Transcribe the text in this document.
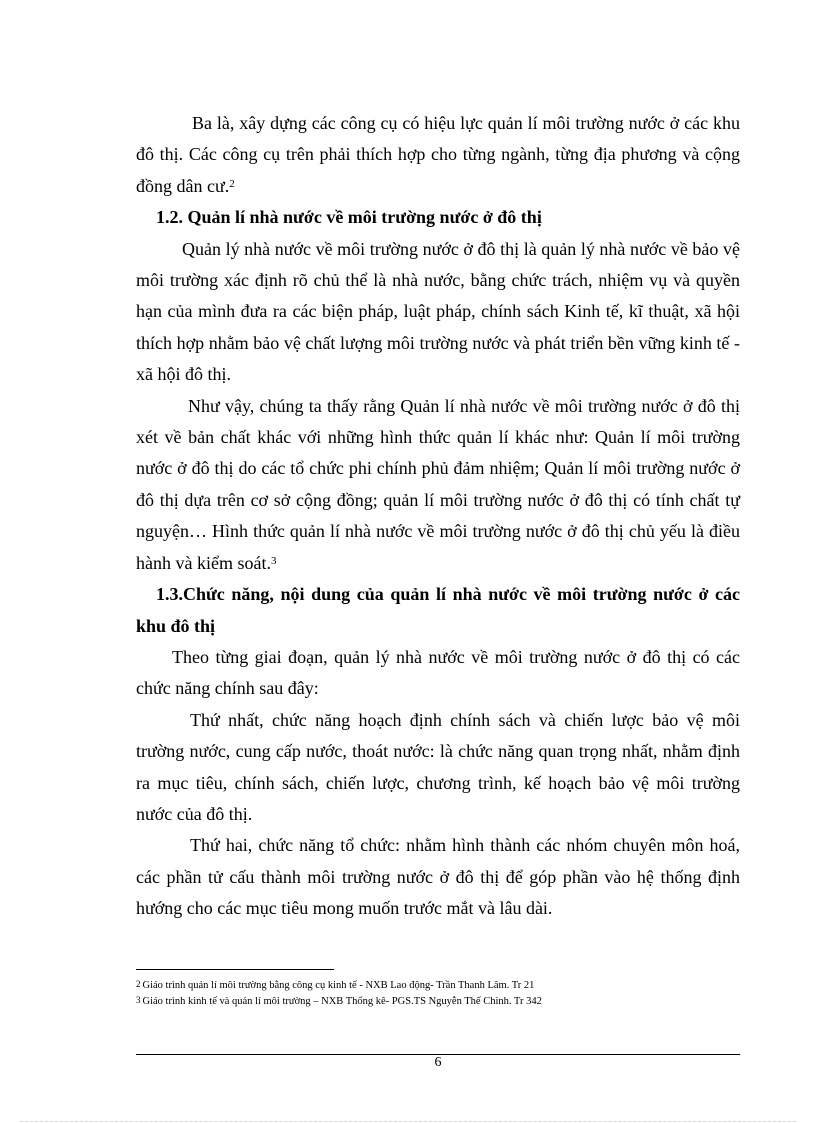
Ba là, xây dựng các công cụ có hiệu lực quản lí môi trường nước ở các khu đô thị. Các công cụ trên phải thích hợp cho từng ngành, từng địa phương và cộng đồng dân cư.$^2$

1.2. Quản lí nhà nước về môi trường nước ở đô thị

Quản lý nhà nước về môi trường nước ở đô thị là quản lý nhà nước về bảo vệ môi trường xác định rõ chủ thể là nhà nước, bằng chức trách, nhiệm vụ và quyền hạn của mình đưa ra các biện pháp, luật pháp, chính sách Kinh tế, kĩ thuật, xã hội thích hợp nhằm bảo vệ chất lượng môi trường nước và phát triển bền vững kinh tế - xã hội đô thị.

Như vậy, chúng ta thấy rằng Quản lí nhà nước về môi trường nước ở đô thị xét về bản chất khác với những hình thức quản lí khác như: Quản lí môi trường nước ở đô thị do các tổ chức phi chính phủ đảm nhiệm; Quản lí môi trường nước ở đô thị dựa trên cơ sở cộng đồng; quản lí môi trường nước ở đô thị có tính chất tự nguyện… Hình thức quản lí nhà nước về môi trường nước ở đô thị chủ yếu là điều hành và kiểm soát.$^3$

1.3.Chức năng, nội dung của quản lí nhà nước về môi trường nước ở các khu đô thị

Theo từng giai đoạn, quản lý nhà nước về môi trường nước ở đô thị có các chức năng chính sau đây:

Thứ nhất, chức năng hoạch định chính sách và chiến lược bảo vệ môi trường nước, cung cấp nước, thoát nước: là chức năng quan trọng nhất, nhằm định ra mục tiêu, chính sách, chiến lược, chương trình, kế hoạch bảo vệ môi trường nước của đô thị.

Thứ hai, chức năng tổ chức: nhằm hình thành các nhóm chuyên môn hoá, các phần tử cấu thành môi trường nước ở đô thị để góp phần vào hệ thống định hướng cho các mục tiêu mong muốn trước mắt và lâu dài.

2 Giáo trình quản lí môi trường bằng công cụ kinh tế - NXB Lao động- Trần Thanh Lâm. Tr 21
3 Giáo trình kinh tế và quản lí môi trường – NXB Thống kê- PGS.TS Nguyễn Thế Chinh. Tr 342
6
